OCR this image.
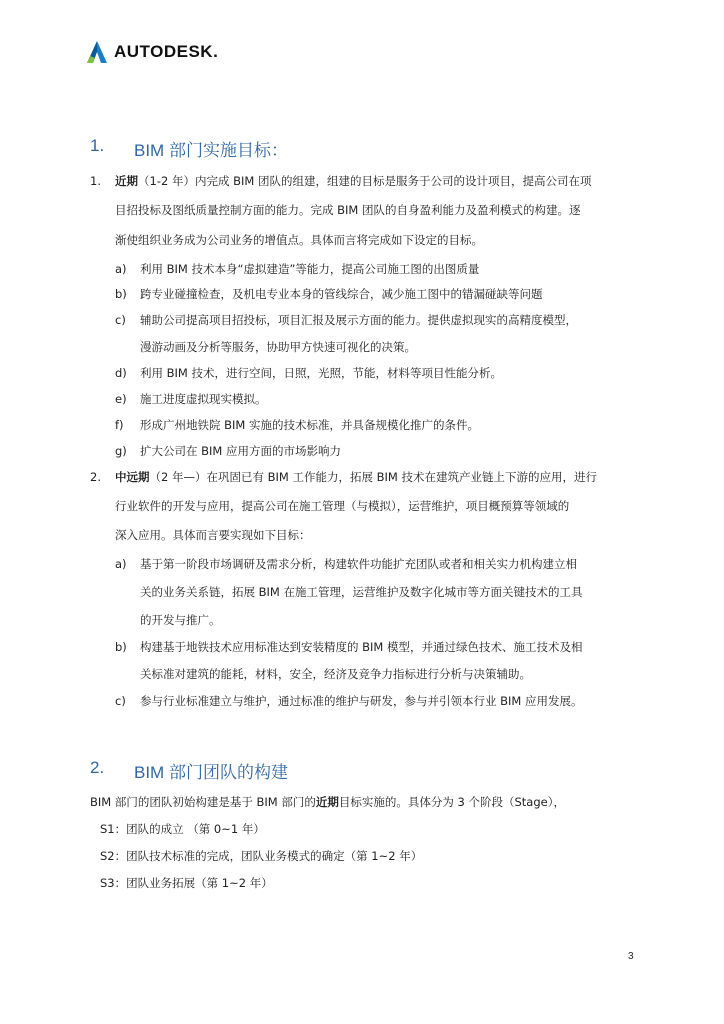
AUTODESK.
1. BIM 部门实施目标：
1. 近期（1-2 年）内完成 BIM 团队的组建，组建的目标是服务于公司的设计项目，提高公司在项
目招投标及图纸质量控制方面的能力。完成 BIM 团队的自身盈利能力及盈利模式的构建。逐
渐使组织业务成为公司业务的增值点。具体而言将完成如下设定的目标。
a) 利用 BIM 技术本身“虚拟建造”等能力，提高公司施工图的出图质量
b) 跨专业碰撞检查，及机电专业本身的管线综合，减少施工图中的错漏碰缺等问题
c) 辅助公司提高项目招投标，项目汇报及展示方面的能力。提供虚拟现实的高精度模型，
漫游动画及分析等服务，协助甲方快速可视化的决策。
d) 利用 BIM 技术，进行空间，日照，光照，节能，材料等项目性能分析。
e) 施工进度虚拟现实模拟。
f) 形成广州地铁院 BIM 实施的技术标准，并具备规模化推广的条件。
g) 扩大公司在 BIM 应用方面的市场影响力
2. 中远期（2 年—）在巩固已有 BIM 工作能力，拓展 BIM 技术在建筑产业链上下游的应用，进行
行业软件的开发与应用，提高公司在施工管理（与模拟），运营维护，项目概预算等领域的
深入应用。具体而言要实现如下目标：
a) 基于第一阶段市场调研及需求分析，构建软件功能扩充团队或者和相关实力机构建立相
关的业务关系链，拓展 BIM 在施工管理，运营维护及数字化城市等方面关键技术的工具
的开发与推广。
b) 构建基于地铁技术应用标准达到安装精度的 BIM 模型，并通过绿色技术、施工技术及相
关标准对建筑的能耗，材料，安全，经济及竞争力指标进行分析与决策辅助。
c) 参与行业标准建立与维护，通过标准的维护与研发，参与并引领本行业 BIM 应用发展。
2. BIM 部门团队的构建
BIM 部门的团队初始构建是基于 BIM 部门的近期目标实施的。具体分为 3 个阶段（Stage），
S1：团队的成立 （第 0~1 年）
S2：团队技术标准的完成，团队业务模式的确定（第 1~2 年）
S3：团队业务拓展（第 1~2 年）
3
